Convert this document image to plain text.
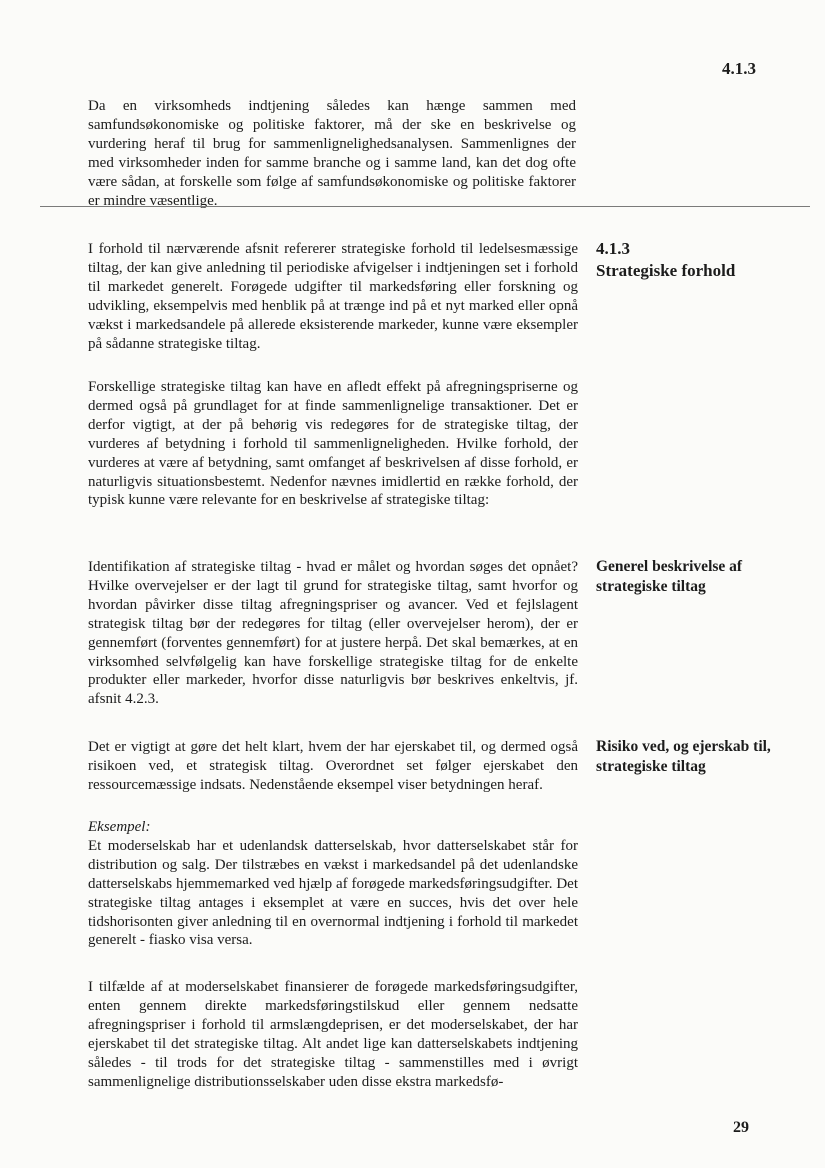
4.1.3

Da en virksomheds indtjening således kan hænge sammen med samfundsøkonomiske og politiske faktorer, må der ske en beskrivelse og vurdering heraf til brug for sammenlignelighedsanalysen. Sammenlignes der med virksomheder inden for samme branche og i samme land, kan det dog ofte være sådan, at forskelle som følge af samfundsøkonomiske og politiske faktorer er mindre væsentlige.

I forhold til nærværende afsnit refererer strategiske forhold til ledelsesmæssige tiltag, der kan give anledning til periodiske afvigelser i indtjeningen set i forhold til markedet generelt. Forøgede udgifter til markedsføring eller forskning og udvikling, eksempelvis med henblik på at trænge ind på et nyt marked eller opnå vækst i markedsandele på allerede eksisterende markeder, kunne være eksempler på sådanne strategiske tiltag.

4.1.3
Strategiske forhold

Forskellige strategiske tiltag kan have en afledt effekt på afregningspriserne og dermed også på grundlaget for at finde sammenlignelige transaktioner. Det er derfor vigtigt, at der på behørig vis redegøres for de strategiske tiltag, der vurderes af betydning i forhold til sammenligneligheden. Hvilke forhold, der vurderes at være af betydning, samt omfanget af beskrivelsen af disse forhold, er naturligvis situationsbestemt. Nedenfor nævnes imidlertid en række forhold, der typisk kunne være relevante for en beskrivelse af strategiske tiltag:

Identifikation af strategiske tiltag - hvad er målet og hvordan søges det opnået? Hvilke overvejelser er der lagt til grund for strategiske tiltag, samt hvorfor og hvordan påvirker disse tiltag afregningspriser og avancer. Ved et fejlslagent strategisk tiltag bør der redegøres for tiltag (eller overvejelser herom), der er gennemført (forventes gennemført) for at justere herpå. Det skal bemærkes, at en virksomhed selvfølgelig kan have forskellige strategiske tiltag for de enkelte produkter eller markeder, hvorfor disse naturligvis bør beskrives enkeltvis, jf. afsnit 4.2.3.

Generel beskrivelse af strategiske tiltag

Det er vigtigt at gøre det helt klart, hvem der har ejerskabet til, og dermed også risikoen ved, et strategisk tiltag. Overordnet set følger ejerskabet den ressourcemæssige indsats. Nedenstående eksempel viser betydningen heraf.

Risiko ved, og ejerskab til, strategiske tiltag
Eksempel:
Et moderselskab har et udenlandsk datterselskab, hvor datterselskabet står for distribution og salg. Der tilstræbes en vækst i markedsandel på det udenlandske datterselskabs hjemmemarked ved hjælp af forøgede markedsføringsudgifter. Det strategiske tiltag antages i eksemplet at være en succes, hvis det over hele tidshorisonten giver anledning til en overnormal indtjening i forhold til markedet generelt - fiasko visa versa.

I tilfælde af at moderselskabet finansierer de forøgede markedsføringsudgifter, enten gennem direkte markedsføringstilskud eller gennem nedsatte afregningspriser i forhold til armslængdeprisen, er det moderselskabet, der har ejerskabet til det strategiske tiltag. Alt andet lige kan datterselskabets indtjening således - til trods for det strategiske tiltag - sammenstilles med i øvrigt sammenlignelige distributionsselskaber uden disse ekstra markedsfø-

29
